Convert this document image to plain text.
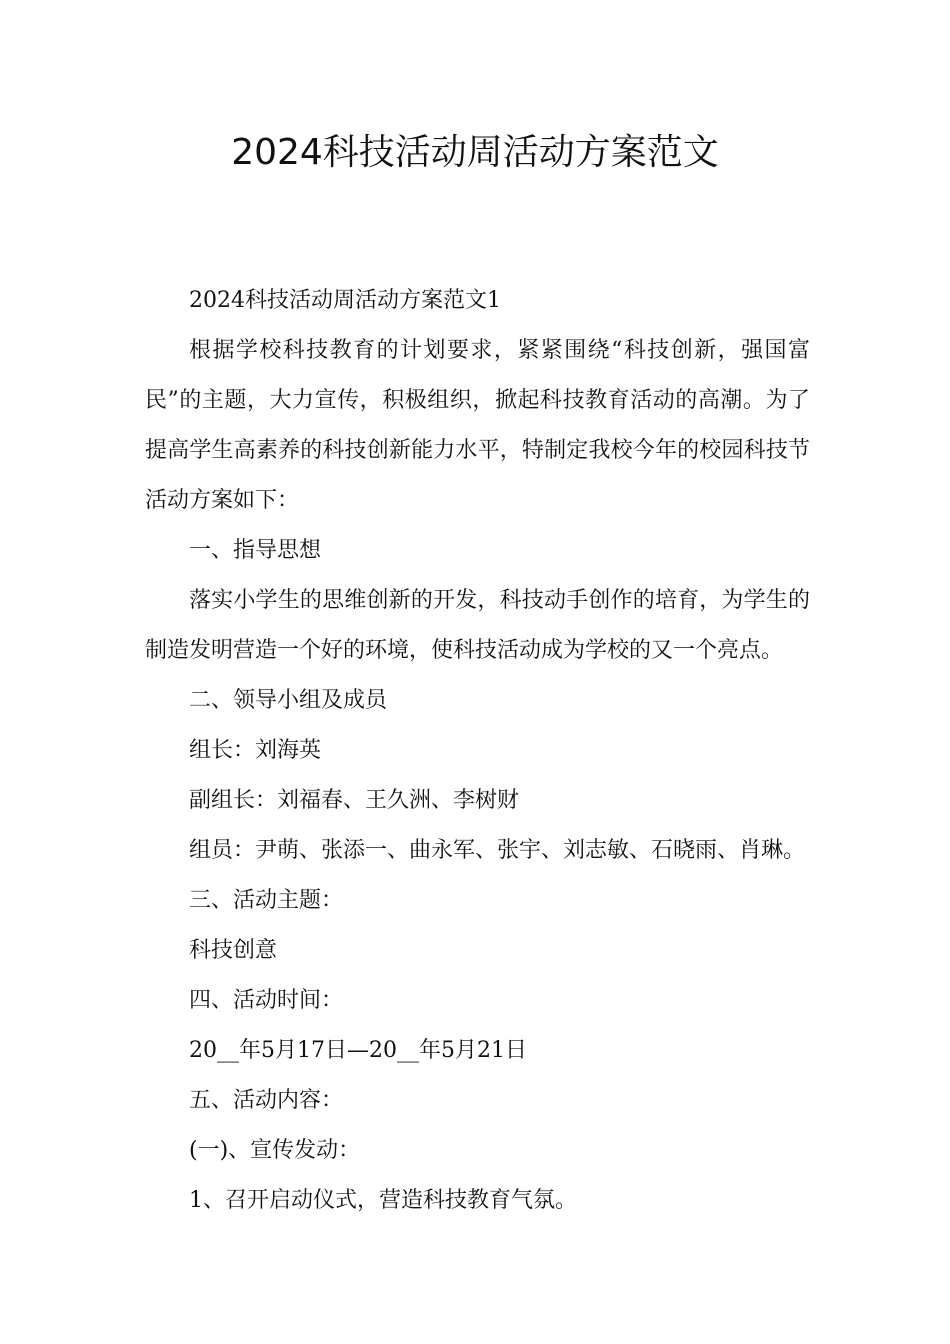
2024科技活动周活动方案范文

2024科技活动周活动方案范文1

根据学校科技教育的计划要求，紧紧围绕“科技创新，强国富民”的主题，大力宣传，积极组织，掀起科技教育活动的高潮。为了提高学生高素养的科技创新能力水平，特制定我校今年的校园科技节活动方案如下：

一、指导思想

落实小学生的思维创新的开发，科技动手创作的培育，为学生的制造发明营造一个好的环境，使科技活动成为学校的又一个亮点。

二、领导小组及成员

组长：刘海英

副组长：刘福春、王久洲、李树财

组员：尹萌、张添一、曲永军、张宇、刘志敏、石晓雨、肖琳。

三、活动主题：

科技创意

四、活动时间：

20__年5月17日—20__年5月21日

五、活动内容：

(一)、宣传发动：

1、召开启动仪式，营造科技教育气氛。
